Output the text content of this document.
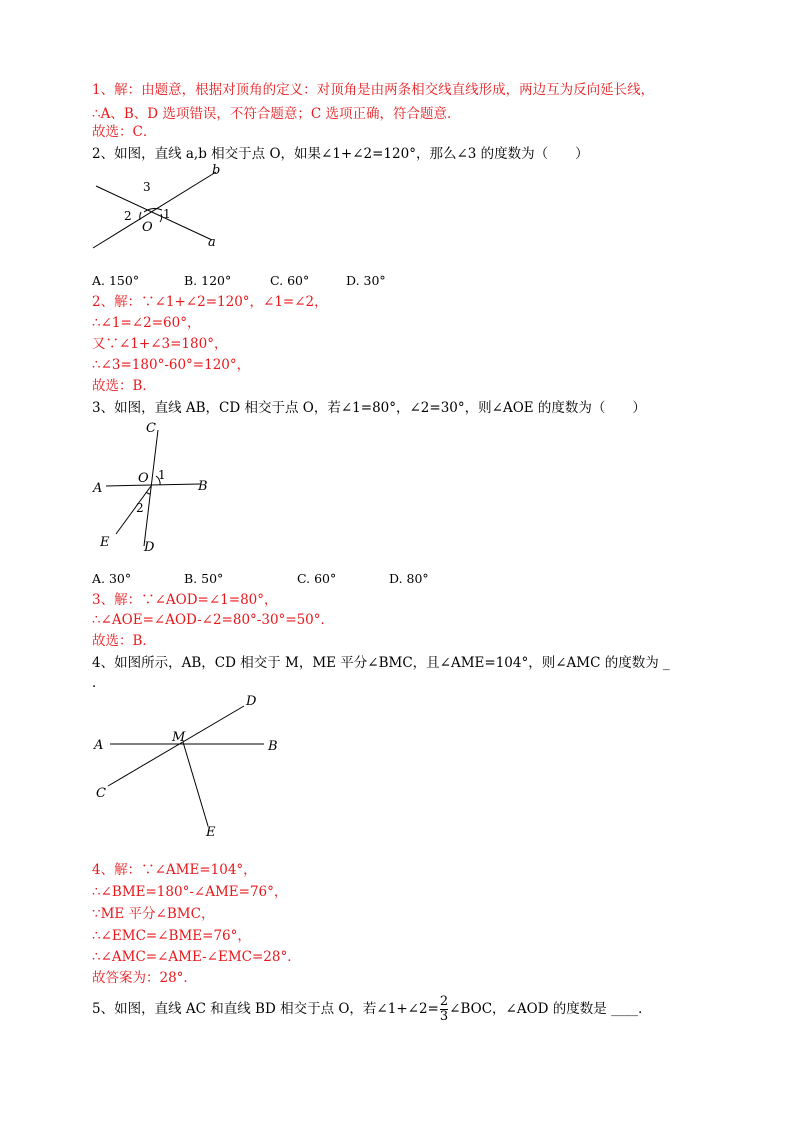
1、解：由题意，根据对顶角的定义：对顶角是由两条相交线直线形成，两边互为反向延长线，
∴A、B、D 选项错误，不符合题意；C 选项正确，符合题意．
故选：C．
2、如图，直线 a,b 相交于点 O，如果∠1+∠2=120°，那么∠3 的度数为（　　）
b
a
O
1
2
3
A. 150°	B. 120°	C. 60°	D. 30°
2、解：∵∠1+∠2=120°，∠1=∠2，
∴∠1=∠2=60°，
又∵∠1+∠3=180°，
∴∠3=180°-60°=120°，
故选：B．
3、如图，直线 AB，CD 相交于点 O，若∠1=80°，∠2=30°，则∠AOE 的度数为（　　）
C
A
O 1
B
2
E	D
A. 30°	B. 50°	C. 60°	D. 80°
3、解：∵∠AOD=∠1=80°，
∴∠AOE=∠AOD-∠2=80°-30°=50°．
故选：B．
4、如图所示，AB，CD 相交于 M，ME 平分∠BMC，且∠AME=104°，则∠AMC 的度数为 _
．
D
A
M
B
C
E
4、解：∵∠AME=104°，
∴∠BME=180°-∠AME=76°，
∵ME 平分∠BMC，
∴∠EMC=∠BME=76°，
∴∠AMC=∠AME-∠EMC=28°．
故答案为：28°．
5、如图，直线 AC 和直线 BD 相交于点 O，若∠1+∠2= $\frac{2}{3}$ ∠BOC，∠AOD 的度数是 ____．
